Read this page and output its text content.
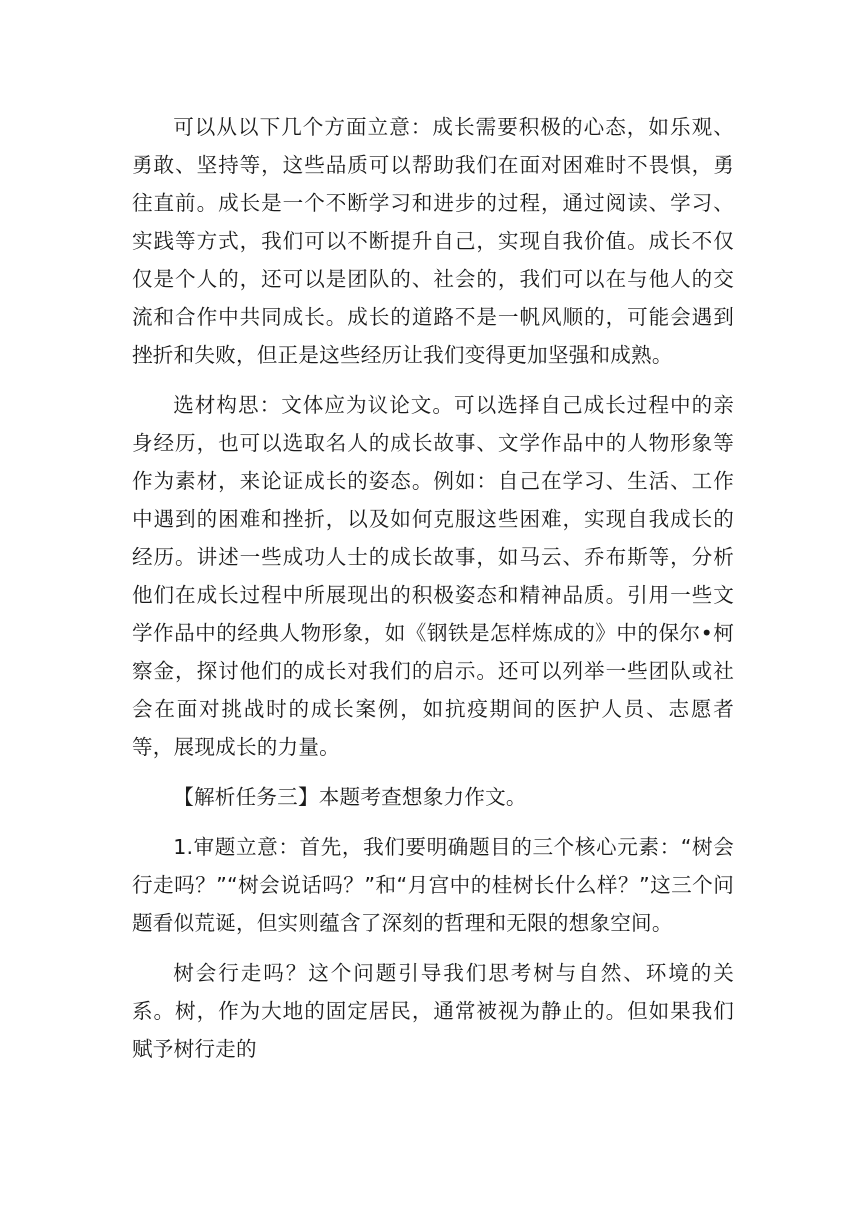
可以从以下几个方面立意：成长需要积极的心态，如乐观、勇敢、坚持等，这些品质可以帮助我们在面对困难时不畏惧，勇往直前。成长是一个不断学习和进步的过程，通过阅读、学习、实践等方式，我们可以不断提升自己，实现自我价值。成长不仅仅是个人的，还可以是团队的、社会的，我们可以在与他人的交流和合作中共同成长。成长的道路不是一帆风顺的，可能会遇到挫折和失败，但正是这些经历让我们变得更加坚强和成熟。

选材构思：文体应为议论文。可以选择自己成长过程中的亲身经历，也可以选取名人的成长故事、文学作品中的人物形象等作为素材，来论证成长的姿态。例如：自己在学习、生活、工作中遇到的困难和挫折，以及如何克服这些困难，实现自我成长的经历。讲述一些成功人士的成长故事，如马云、乔布斯等，分析他们在成长过程中所展现出的积极姿态和精神品质。引用一些文学作品中的经典人物形象，如《钢铁是怎样炼成的》中的保尔•柯察金，探讨他们的成长对我们的启示。还可以列举一些团队或社会在面对挑战时的成长案例，如抗疫期间的医护人员、志愿者等，展现成长的力量。

【解析任务三】本题考查想象力作文。

1.审题立意：首先，我们要明确题目的三个核心元素：“树会行走吗？”“树会说话吗？”和“月宫中的桂树长什么样？”这三个问题看似荒诞，但实则蕴含了深刻的哲理和无限的想象空间。

树会行走吗？这个问题引导我们思考树与自然、环境的关系。树，作为大地的固定居民，通常被视为静止的。但如果我们赋予树行走的
